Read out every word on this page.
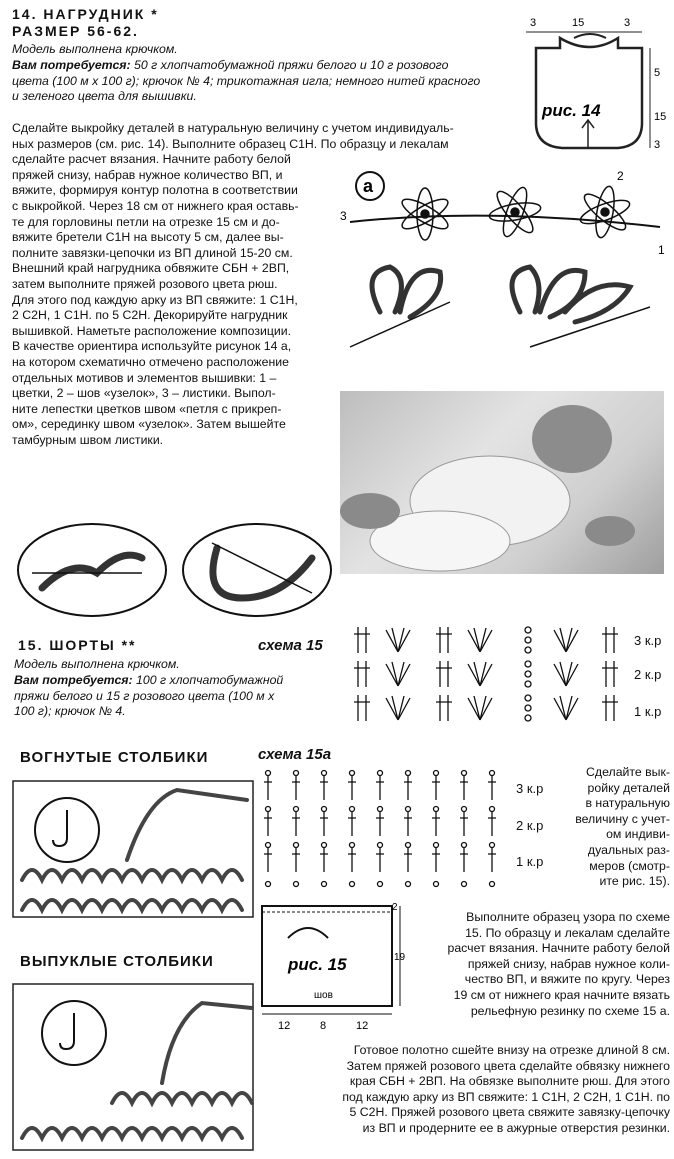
14. НАГРУДНИК *
РАЗМЕР 56-62.
Модель выполнена крючком.
Вам потребуется: 50 г хлопчатобумажной пряжи белого и 10 г розового
цвета (100 м х 100 г); крючок № 4; трикотажная игла; немного нитей красного
и зеленого цвета для вышивки.
Сделайте выкройку деталей в натуральную величину с учетом индивидуаль-
ных размеров (см. рис. 14). Выполните образец С1Н. По образцу и лекалам
сделайте расчет вязания. Начните работу белой
пряжей снизу, набрав нужное количество ВП, и
вяжите, формируя контур полотна в соответствии
с выкройкой. Через 18 см от нижнего края оставь-
те для горловины петли на отрезке 15 см и до-
вяжите бретели С1Н на высоту 5 см, далее вы-
полните завязки-цепочки из ВП длиной 15-20 см.
Внешний край нагрудника обвяжите СБН + 2ВП,
затем выполните пряжей розового цвета рюш.
Для этого под каждую арку из ВП свяжите: 1 С1Н,
2 С2Н, 1 С1Н. по 5 С2Н. Декорируйте нагрудник
вышивкой. Наметьте расположение композиции.
В качестве ориентира используйте рисунок 14 а,
на котором схематично отмечено расположение
отдельных мотивов и элементов вышивки: 1 –
цветки, 2 – шов «узелок», 3 – листики. Выпол-
ните лепестки цветков швом «петля с прикреп-
ом», серединку швом «узелок». Затем вышейте
тамбурным швом листики.
3	15	3
рис. 14
5
15
3
а
3
2
1
15. ШОРТЫ **
Модель выполнена крючком.
Вам потребуется: 100 г хлопчатобумажной
пряжи белого и 15 г розового цвета (100 м х
100 г); крючок № 4.
схема 15	3 к.р
2 к.р
1 к.р
ВОГНУТЫЕ СТОЛБИКИ
ВЫПУКЛЫЕ СТОЛБИКИ
схема 15а
3 к.р
2 к.р
1 к.р
Сделайте вык-
ройку деталей
в натуральную
величину с учет-
ом индиви-
дуальных раз-
меров (смотр-
ите рис. 15).
рис. 15
шов
12	8	12
2
19
Выполните образец узора по схеме
15. По образцу и лекалам сделайте
расчет вязания. Начните работу белой
пряжей снизу, набрав нужное коли-
чество ВП, и вяжите по кругу. Через
19 см от нижнего края начните вязать
рельефную резинку по схеме 15 а.
Готовое полотно сшейте внизу на отрезке длиной 8 см.
Затем пряжей розового цвета сделайте обвязку нижнего
края СБН + 2ВП. На обвязке выполните рюш. Для этого
под каждую арку из ВП свяжите: 1 С1Н, 2 С2Н, 1 С1Н. по
5 С2Н. Пряжей розового цвета свяжите завязку-цепочку
из ВП и продерните ее в ажурные отверстия резинки.
